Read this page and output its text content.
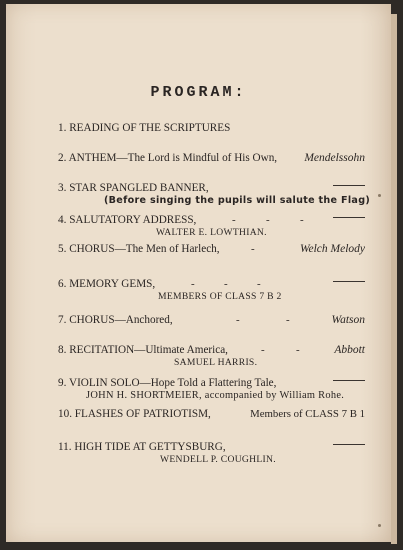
PROGRAM:
1. READING OF THE SCRIPTURES
2. ANTHEM—The Lord is Mindful of His Own, Mendelssohn
3. STAR SPANGLED BANNER,
(Before singing the pupils will salute the Flag)
4. SALUTATORY ADDRESS,	-	-	-
WALTER E. LOWTHIAN.
5. CHORUS—The Men of Harlech,	-	Welch Melody
6. MEMORY GEMS,	-	-	-
MEMBERS OF CLASS 7 B 2
7. CHORUS—Anchored,	-	-	Watson
8. RECITATION—Ultimate America,	-	-	Abbott
SAMUEL HARRIS.
9. VIOLIN SOLO—Hope Told a Flattering Tale,
JOHN H. SHORTMEIER, accompanied by William Rohe.
10. FLASHES OF PATRIOTISM,	Members of CLASS 7 B 1
11. HIGH TIDE AT GETTYSBURG,
WENDELL P. COUGHLIN.
